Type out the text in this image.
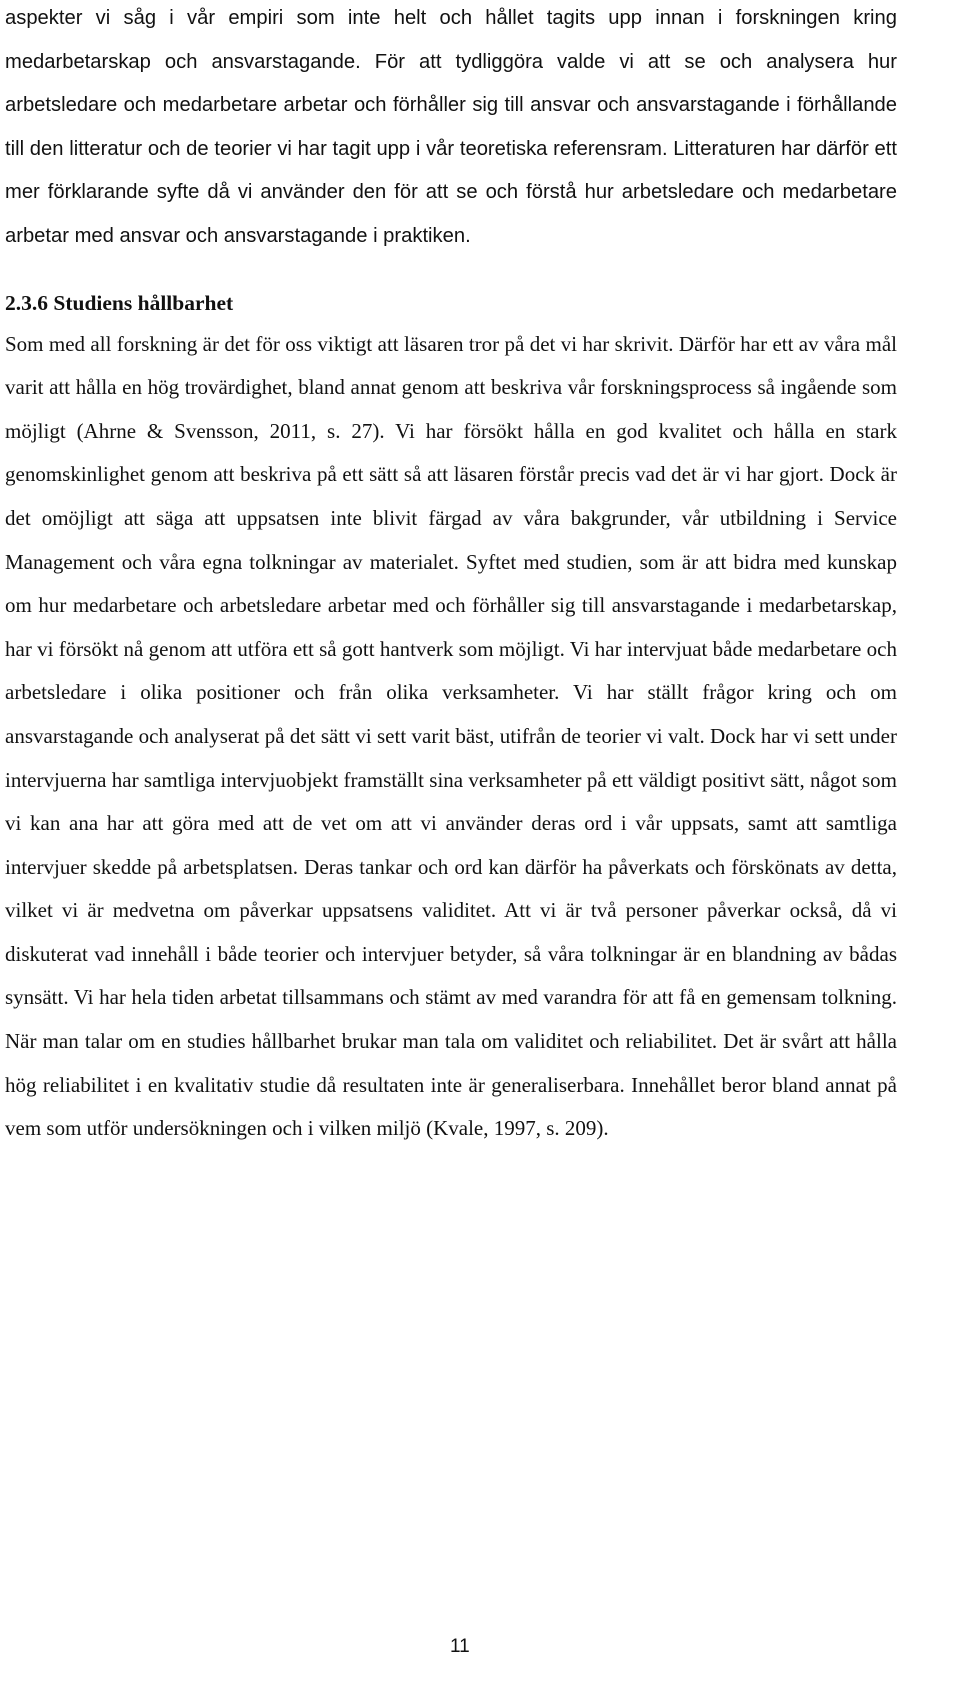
aspekter vi såg i vår empiri som inte helt och hållet tagits upp innan i forskningen kring medarbetarskap och ansvarstagande. För att tydliggöra valde vi att se och analysera hur arbetsledare och medarbetare arbetar och förhåller sig till ansvar och ansvarstagande i förhållande till den litteratur och de teorier vi har tagit upp i vår teoretiska referensram. Litteraturen har därför ett mer förklarande syfte då vi använder den för att se och förstå hur arbetsledare och medarbetare arbetar med ansvar och ansvarstagande i praktiken.

2.3.6 Studiens hållbarhet

Som med all forskning är det för oss viktigt att läsaren tror på det vi har skrivit. Därför har ett av våra mål varit att hålla en hög trovärdighet, bland annat genom att beskriva vår forskningsprocess så ingående som möjligt (Ahrne & Svensson, 2011, s. 27). Vi har försökt hålla en god kvalitet och hålla en stark genomskinlighet genom att beskriva på ett sätt så att läsaren förstår precis vad det är vi har gjort. Dock är det omöjligt att säga att uppsatsen inte blivit färgad av våra bakgrunder, vår utbildning i Service Management och våra egna tolkningar av materialet. Syftet med studien, som är att bidra med kunskap om hur medarbetare och arbetsledare arbetar med och förhåller sig till ansvarstagande i medarbetarskap, har vi försökt nå genom att utföra ett så gott hantverk som möjligt. Vi har intervjuat både medarbetare och arbetsledare i olika positioner och från olika verksamheter. Vi har ställt frågor kring och om ansvarstagande och analyserat på det sätt vi sett varit bäst, utifrån de teorier vi valt. Dock har vi sett under intervjuerna har samtliga intervjuobjekt framställt sina verksamheter på ett väldigt positivt sätt, något som vi kan ana har att göra med att de vet om att vi använder deras ord i vår uppsats, samt att samtliga intervjuer skedde på arbetsplatsen. Deras tankar och ord kan därför ha påverkats och förskönats av detta, vilket vi är medvetna om påverkar uppsatsens validitet. Att vi är två personer påverkar också, då vi diskuterat vad innehåll i både teorier och intervjuer betyder, så våra tolkningar är en blandning av bådas synsätt. Vi har hela tiden arbetat tillsammans och stämt av med varandra för att få en gemensam tolkning. När man talar om en studies hållbarhet brukar man tala om validitet och reliabilitet. Det är svårt att hålla hög reliabilitet i en kvalitativ studie då resultaten inte är generaliserbara. Innehållet beror bland annat på vem som utför undersökningen och i vilken miljö (Kvale, 1997, s. 209).

11
